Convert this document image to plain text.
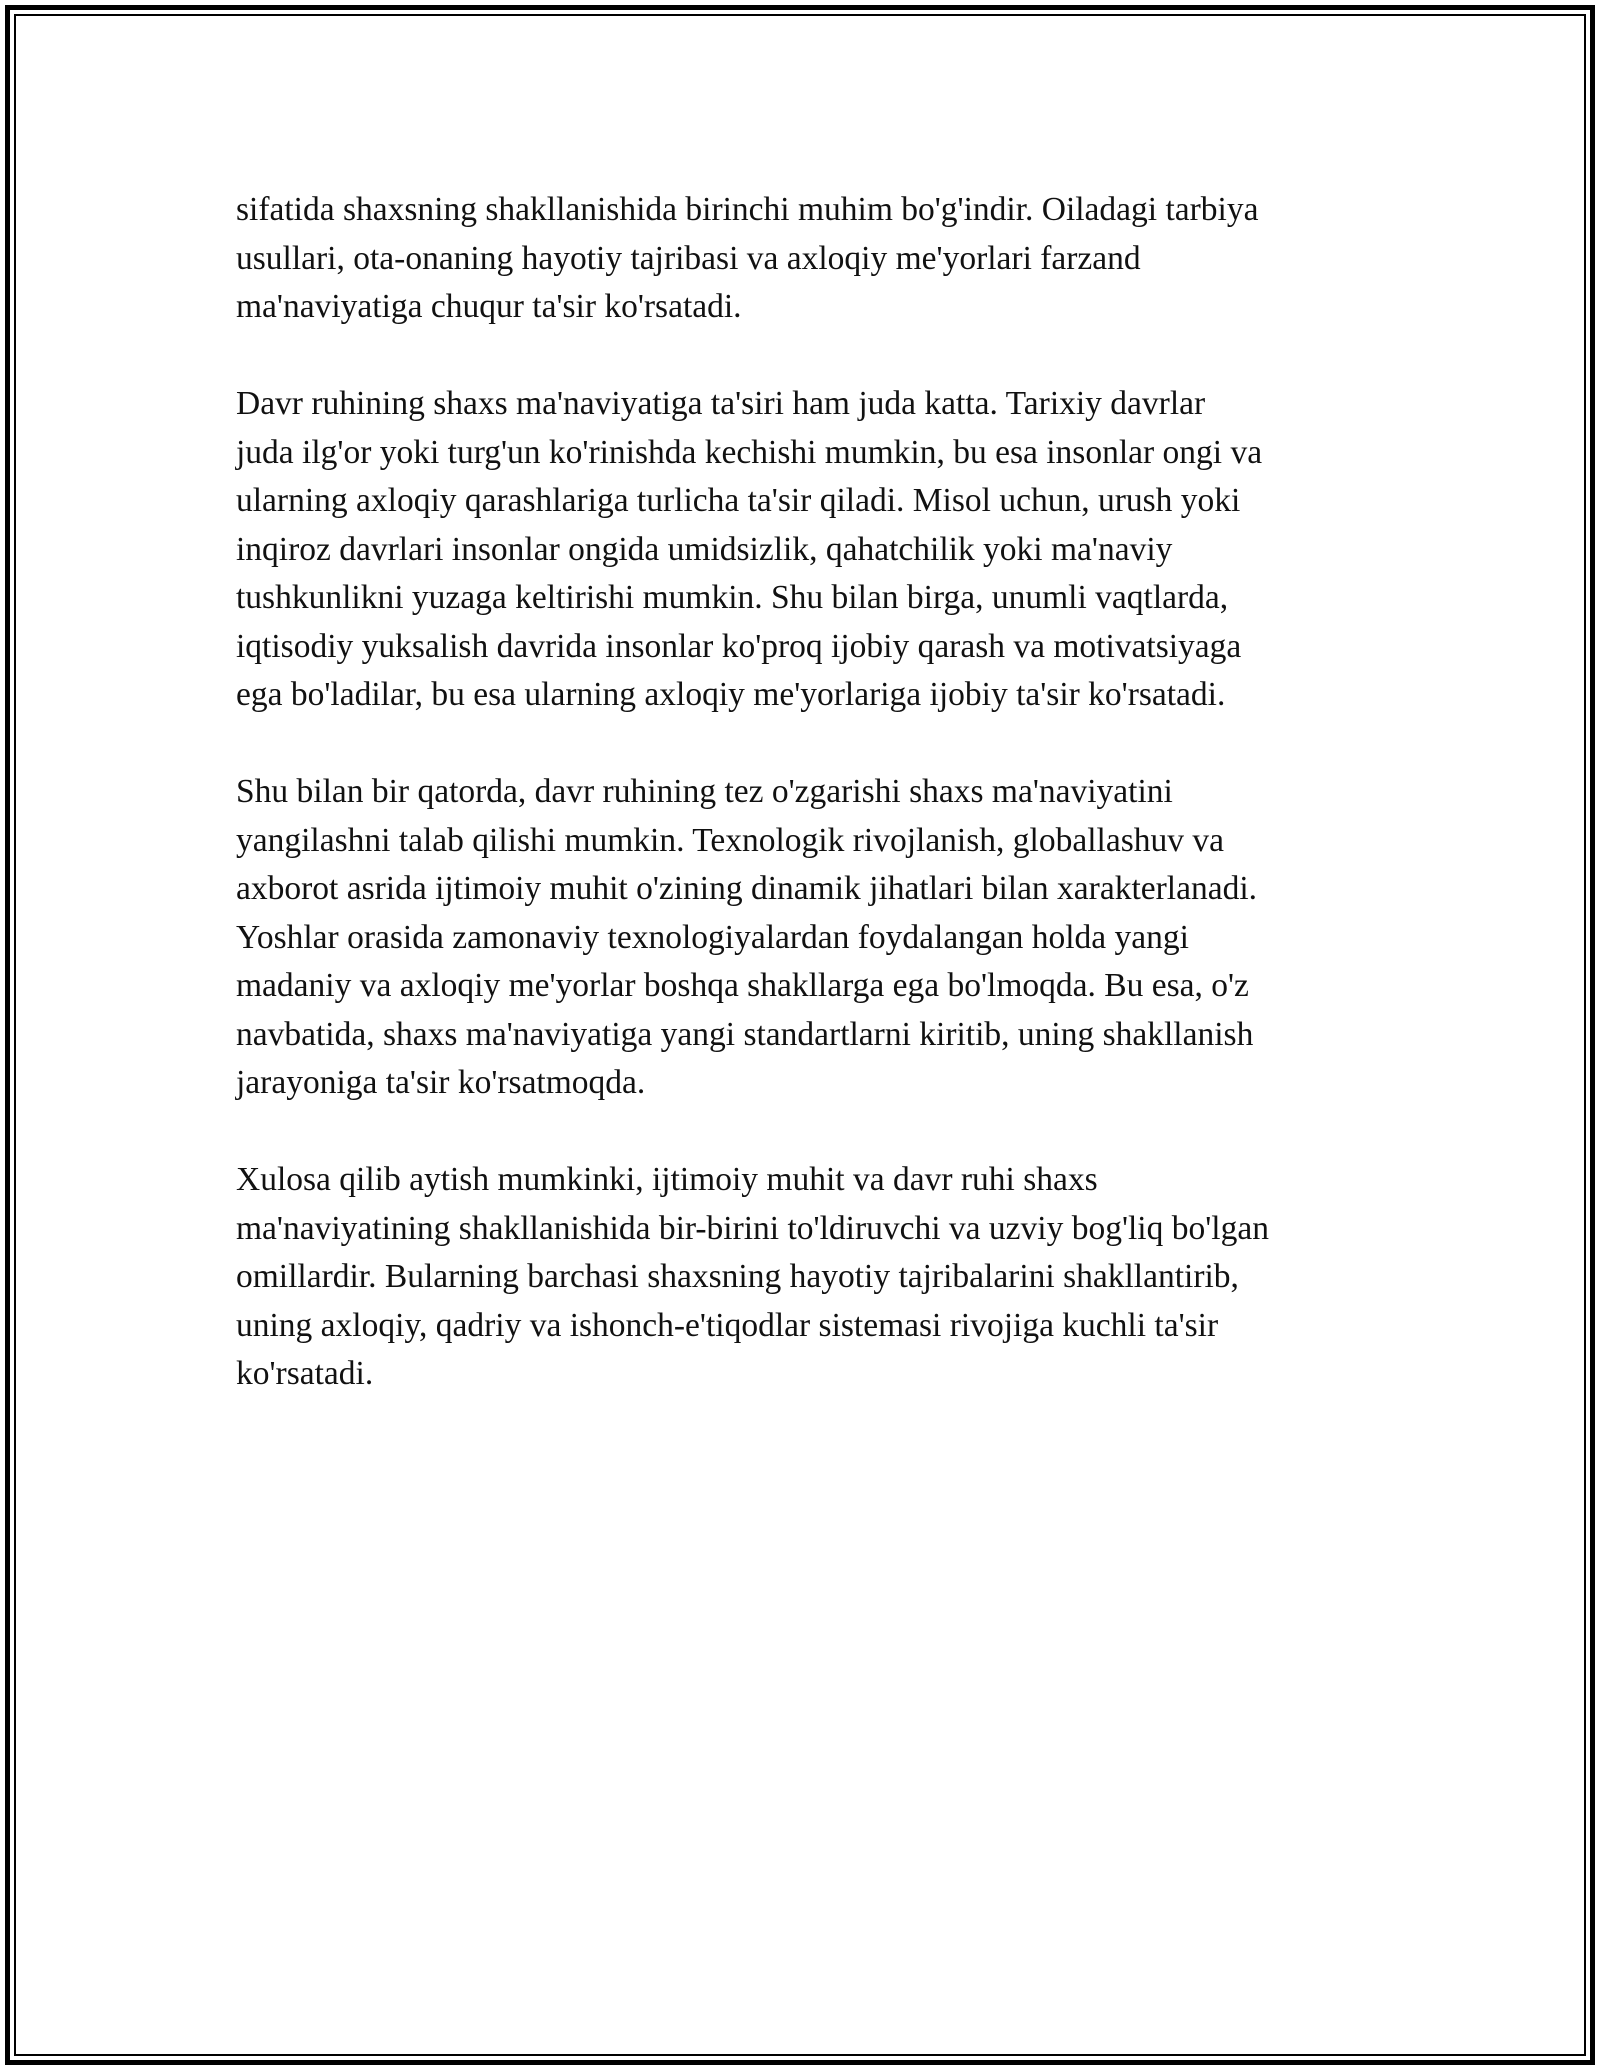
sifatida shaxsning shakllanishida birinchi muhim bo'g'indir. Oiladagi tarbiya
usullari, ota-onaning hayotiy tajribasi va axloqiy me'yorlari farzand
ma'naviyatiga chuqur ta'sir ko'rsatadi.

Davr ruhining shaxs ma'naviyatiga ta'siri ham juda katta. Tarixiy davrlar
juda ilg'or yoki turg'un ko'rinishda kechishi mumkin, bu esa insonlar ongi va
ularning axloqiy qarashlariga turlicha ta'sir qiladi. Misol uchun, urush yoki
inqiroz davrlari insonlar ongida umidsizlik, qahatchilik yoki ma'naviy
tushkunlikni yuzaga keltirishi mumkin. Shu bilan birga, unumli vaqtlarda,
iqtisodiy yuksalish davrida insonlar ko'proq ijobiy qarash va motivatsiyaga
ega bo'ladilar, bu esa ularning axloqiy me'yorlariga ijobiy ta'sir ko'rsatadi.

Shu bilan bir qatorda, davr ruhining tez o'zgarishi shaxs ma'naviyatini
yangilashni talab qilishi mumkin. Texnologik rivojlanish, globallashuv va
axborot asrida ijtimoiy muhit o'zining dinamik jihatlari bilan xarakterlanadi.
Yoshlar orasida zamonaviy texnologiyalardan foydalangan holda yangi
madaniy va axloqiy me'yorlar boshqa shakllarga ega bo'lmoqda. Bu esa, o'z
navbatida, shaxs ma'naviyatiga yangi standartlarni kiritib, uning shakllanish
jarayoniga ta'sir ko'rsatmoqda.

Xulosa qilib aytish mumkinki, ijtimoiy muhit va davr ruhi shaxs
ma'naviyatining shakllanishida bir-birini to'ldiruvchi va uzviy bog'liq bo'lgan
omillardir. Bularning barchasi shaxsning hayotiy tajribalarini shakllantirib,
uning axloqiy, qadriy va ishonch-e'tiqodlar sistemasi rivojiga kuchli ta'sir
ko'rsatadi.
